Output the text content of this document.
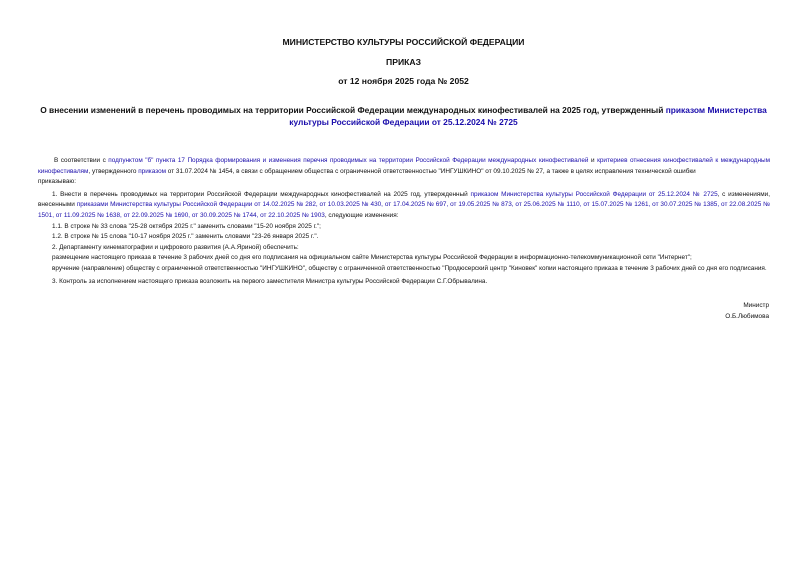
МИНИСТЕРСТВО КУЛЬТУРЫ РОССИЙСКОЙ ФЕДЕРАЦИИ
ПРИКАЗ
от 12 ноября 2025 года № 2052
О внесении изменений в перечень проводимых на территории Российской Федерации международных кинофестивалей на 2025 год, утвержденный приказом Министерства культуры Российской Федерации от 25.12.2024 № 2725

В соответствии с подпунктом "б" пункта 17 Порядка формирования и изменения перечня проводимых на территории Российской Федерации международных кинофестивалей и критериев отнесения кинофестивалей к международным кинофестивалям, утвержденного приказом от 31.07.2024 № 1454, в связи с обращением общества с ограниченной ответственностью "ИНГУШКИНО" от 09.10.2025 № 27, а также в целях исправления технической ошибки

приказываю:

1. Внести в перечень проводимых на территории Российской Федерации международных кинофестивалей на 2025 год, утвержденный приказом Министерства культуры Российской Федерации от 25.12.2024 № 2725, с изменениями, внесенными приказами Министерства культуры Российской Федерации от 14.02.2025 № 282, от 10.03.2025 № 430, от 17.04.2025 № 697, от 19.05.2025 № 873, от 25.06.2025 № 1110, от 15.07.2025 № 1261, от 30.07.2025 № 1385, от 22.08.2025 № 1501, от 11.09.2025 № 1638, от 22.09.2025 № 1690, от 30.09.2025 № 1744, от 22.10.2025 № 1903, следующие изменения:

1.1. В строке № 33 слова "25-28 октября 2025 г." заменить словами "15-20 ноября 2025 г.";

1.2. В строке № 15 слова "10-17 ноября 2025 г." заменить словами "23-26 января 2025 г.".

2. Департаменту кинематографии и цифрового развития (А.А.Яриной) обеспечить:

размещение настоящего приказа в течение 3 рабочих дней со дня его подписания на официальном сайте Министерства культуры Российской Федерации в информационно-телекоммуникационной сети "Интернет";

вручение (направление) обществу с ограниченной ответственностью "ИНГУШКИНО", обществу с ограниченной ответственностью "Продюсерский центр "Киновек" копии настоящего приказа в течение 3 рабочих дней со дня его подписания.

3. Контроль за исполнением настоящего приказа возложить на первого заместителя Министра культуры Российской Федерации С.Г.Обрывалина.

Министр
О.Б.Любимова
